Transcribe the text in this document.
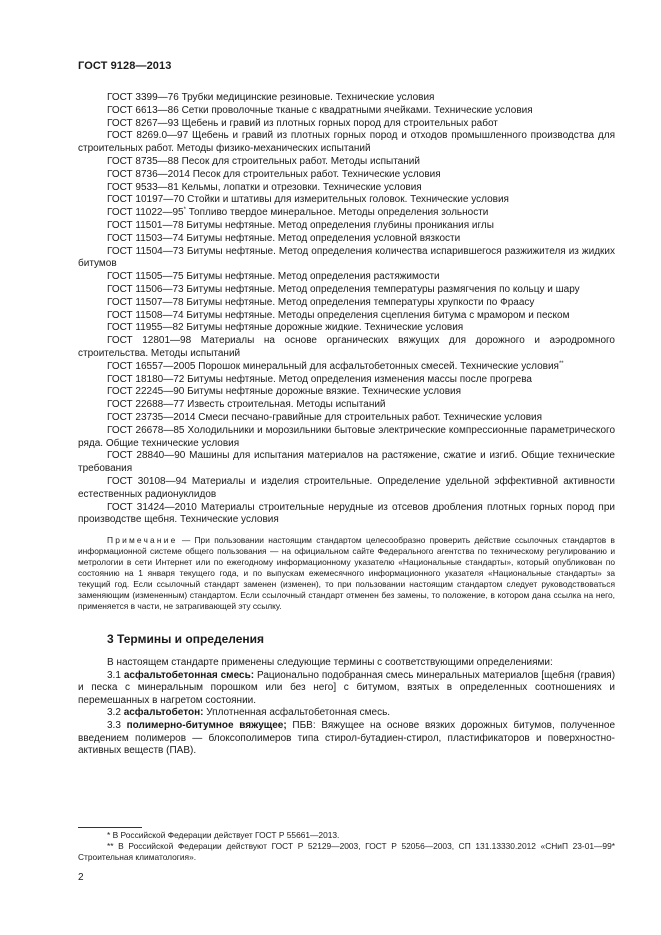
ГОСТ 9128—2013

ГОСТ 3399—76 Трубки медицинские резиновые. Технические условия

ГОСТ 6613—86 Сетки проволочные тканые с квадратными ячейками. Технические условия

ГОСТ 8267—93 Щебень и гравий из плотных горных пород для строительных работ

ГОСТ 8269.0—97 Щебень и гравий из плотных горных пород и отходов промышленного производства для строительных работ. Методы физико-механических испытаний

ГОСТ 8735—88 Песок для строительных работ. Методы испытаний

ГОСТ 8736—2014 Песок для строительных работ. Технические условия

ГОСТ 9533—81 Кельмы, лопатки и отрезовки. Технические условия

ГОСТ 10197—70 Стойки и штативы для измерительных головок. Технические условия

ГОСТ 11022—95* Топливо твердое минеральное. Методы определения зольности

ГОСТ 11501—78 Битумы нефтяные. Метод определения глубины проникания иглы

ГОСТ 11503—74 Битумы нефтяные. Метод определения условной вязкости

ГОСТ 11504—73 Битумы нефтяные. Метод определения количества испарившегося разжижителя из жидких битумов

ГОСТ 11505—75 Битумы нефтяные. Метод определения растяжимости

ГОСТ 11506—73 Битумы нефтяные. Метод определения температуры размягчения по кольцу и шару

ГОСТ 11507—78 Битумы нефтяные. Метод определения температуры хрупкости по Фраасу

ГОСТ 11508—74 Битумы нефтяные. Методы определения сцепления битума с мрамором и песком

ГОСТ 11955—82 Битумы нефтяные дорожные жидкие. Технические условия

ГОСТ 12801—98 Материалы на основе органических вяжущих для дорожного и аэродромного строительства. Методы испытаний

ГОСТ 16557—2005 Порошок минеральный для асфальтобетонных смесей. Технические условия**

ГОСТ 18180—72 Битумы нефтяные. Метод определения изменения массы после прогрева

ГОСТ 22245—90 Битумы нефтяные дорожные вязкие. Технические условия

ГОСТ 22688—77 Известь строительная. Методы испытаний

ГОСТ 23735—2014 Смеси песчано-гравийные для строительных работ. Технические условия

ГОСТ 26678—85 Холодильники и морозильники бытовые электрические компрессионные параметрического ряда. Общие технические условия

ГОСТ 28840—90 Машины для испытания материалов на растяжение, сжатие и изгиб. Общие технические требования

ГОСТ 30108—94 Материалы и изделия строительные. Определение удельной эффективной активности естественных радионуклидов

ГОСТ 31424—2010 Материалы строительные нерудные из отсевов дробления плотных горных пород при производстве щебня. Технические условия

Примечание — При пользовании настоящим стандартом целесообразно проверить действие ссылочных стандартов в информационной системе общего пользования — на официальном сайте Федерального агентства по техническому регулированию и метрологии в сети Интернет или по ежегодному информационному указателю «Национальные стандарты», который опубликован по состоянию на 1 января текущего года, и по выпускам ежемесячного информационного указателя «Национальные стандарты» за текущий год. Если ссылочный стандарт заменен (изменен), то при пользовании настоящим стандартом следует руководствоваться заменяющим (измененным) стандартом. Если ссылочный стандарт отменен без замены, то положение, в котором дана ссылка на него, применяется в части, не затрагивающей эту ссылку.

3 Термины и определения

В настоящем стандарте применены следующие термины с соответствующими определениями:

3.1 асфальтобетонная смесь: Рационально подобранная смесь минеральных материалов [щебня (гравия) и песка с минеральным порошком или без него] с битумом, взятых в определенных соотношениях и перемешанных в нагретом состоянии.

3.2 асфальтобетон: Уплотненная асфальтобетонная смесь.

3.3 полимерно-битумное вяжущее; ПБВ: Вяжущее на основе вязких дорожных битумов, полученное введением полимеров — блоксополимеров типа стирол-бутадиен-стирол, пластификаторов и поверхностно-активных веществ (ПАВ).

* В Российской Федерации действует ГОСТ Р 55661—2013.

** В Российской Федерации действуют ГОСТ Р 52129—2003, ГОСТ Р 52056—2003, СП 131.13330.2012 «СНиП 23-01—99* Строительная климатология».

2
